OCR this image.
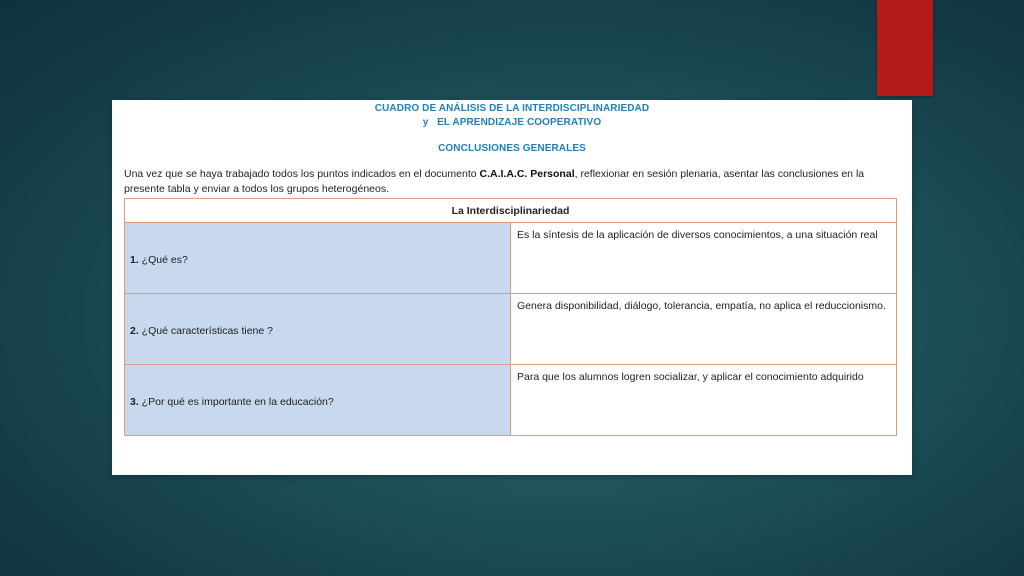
CUADRO DE ANÁLISIS DE LA INTERDISCIPLINARIEDAD
y   EL APRENDIZAJE COOPERATIVO
CONCLUSIONES GENERALES
Una vez que se haya trabajado todos los puntos indicados en el documento C.A.I.A.C. Personal, reflexionar en sesión plenaria, asentar las conclusiones en la presente tabla y enviar a todos los grupos heterogéneos.
La Interdisciplinariedad	
1. ¿Qué es?	Es la síntesis de la aplicación de diversos conocimientos, a una situación real
2. ¿Qué características tiene ?	Genera disponibilidad, diálogo, tolerancia, empatía, no aplica el reduccionismo.
3. ¿Por qué es importante en la educación?	Para que los alumnos logren socializar, y aplicar el conocimiento adquirido
